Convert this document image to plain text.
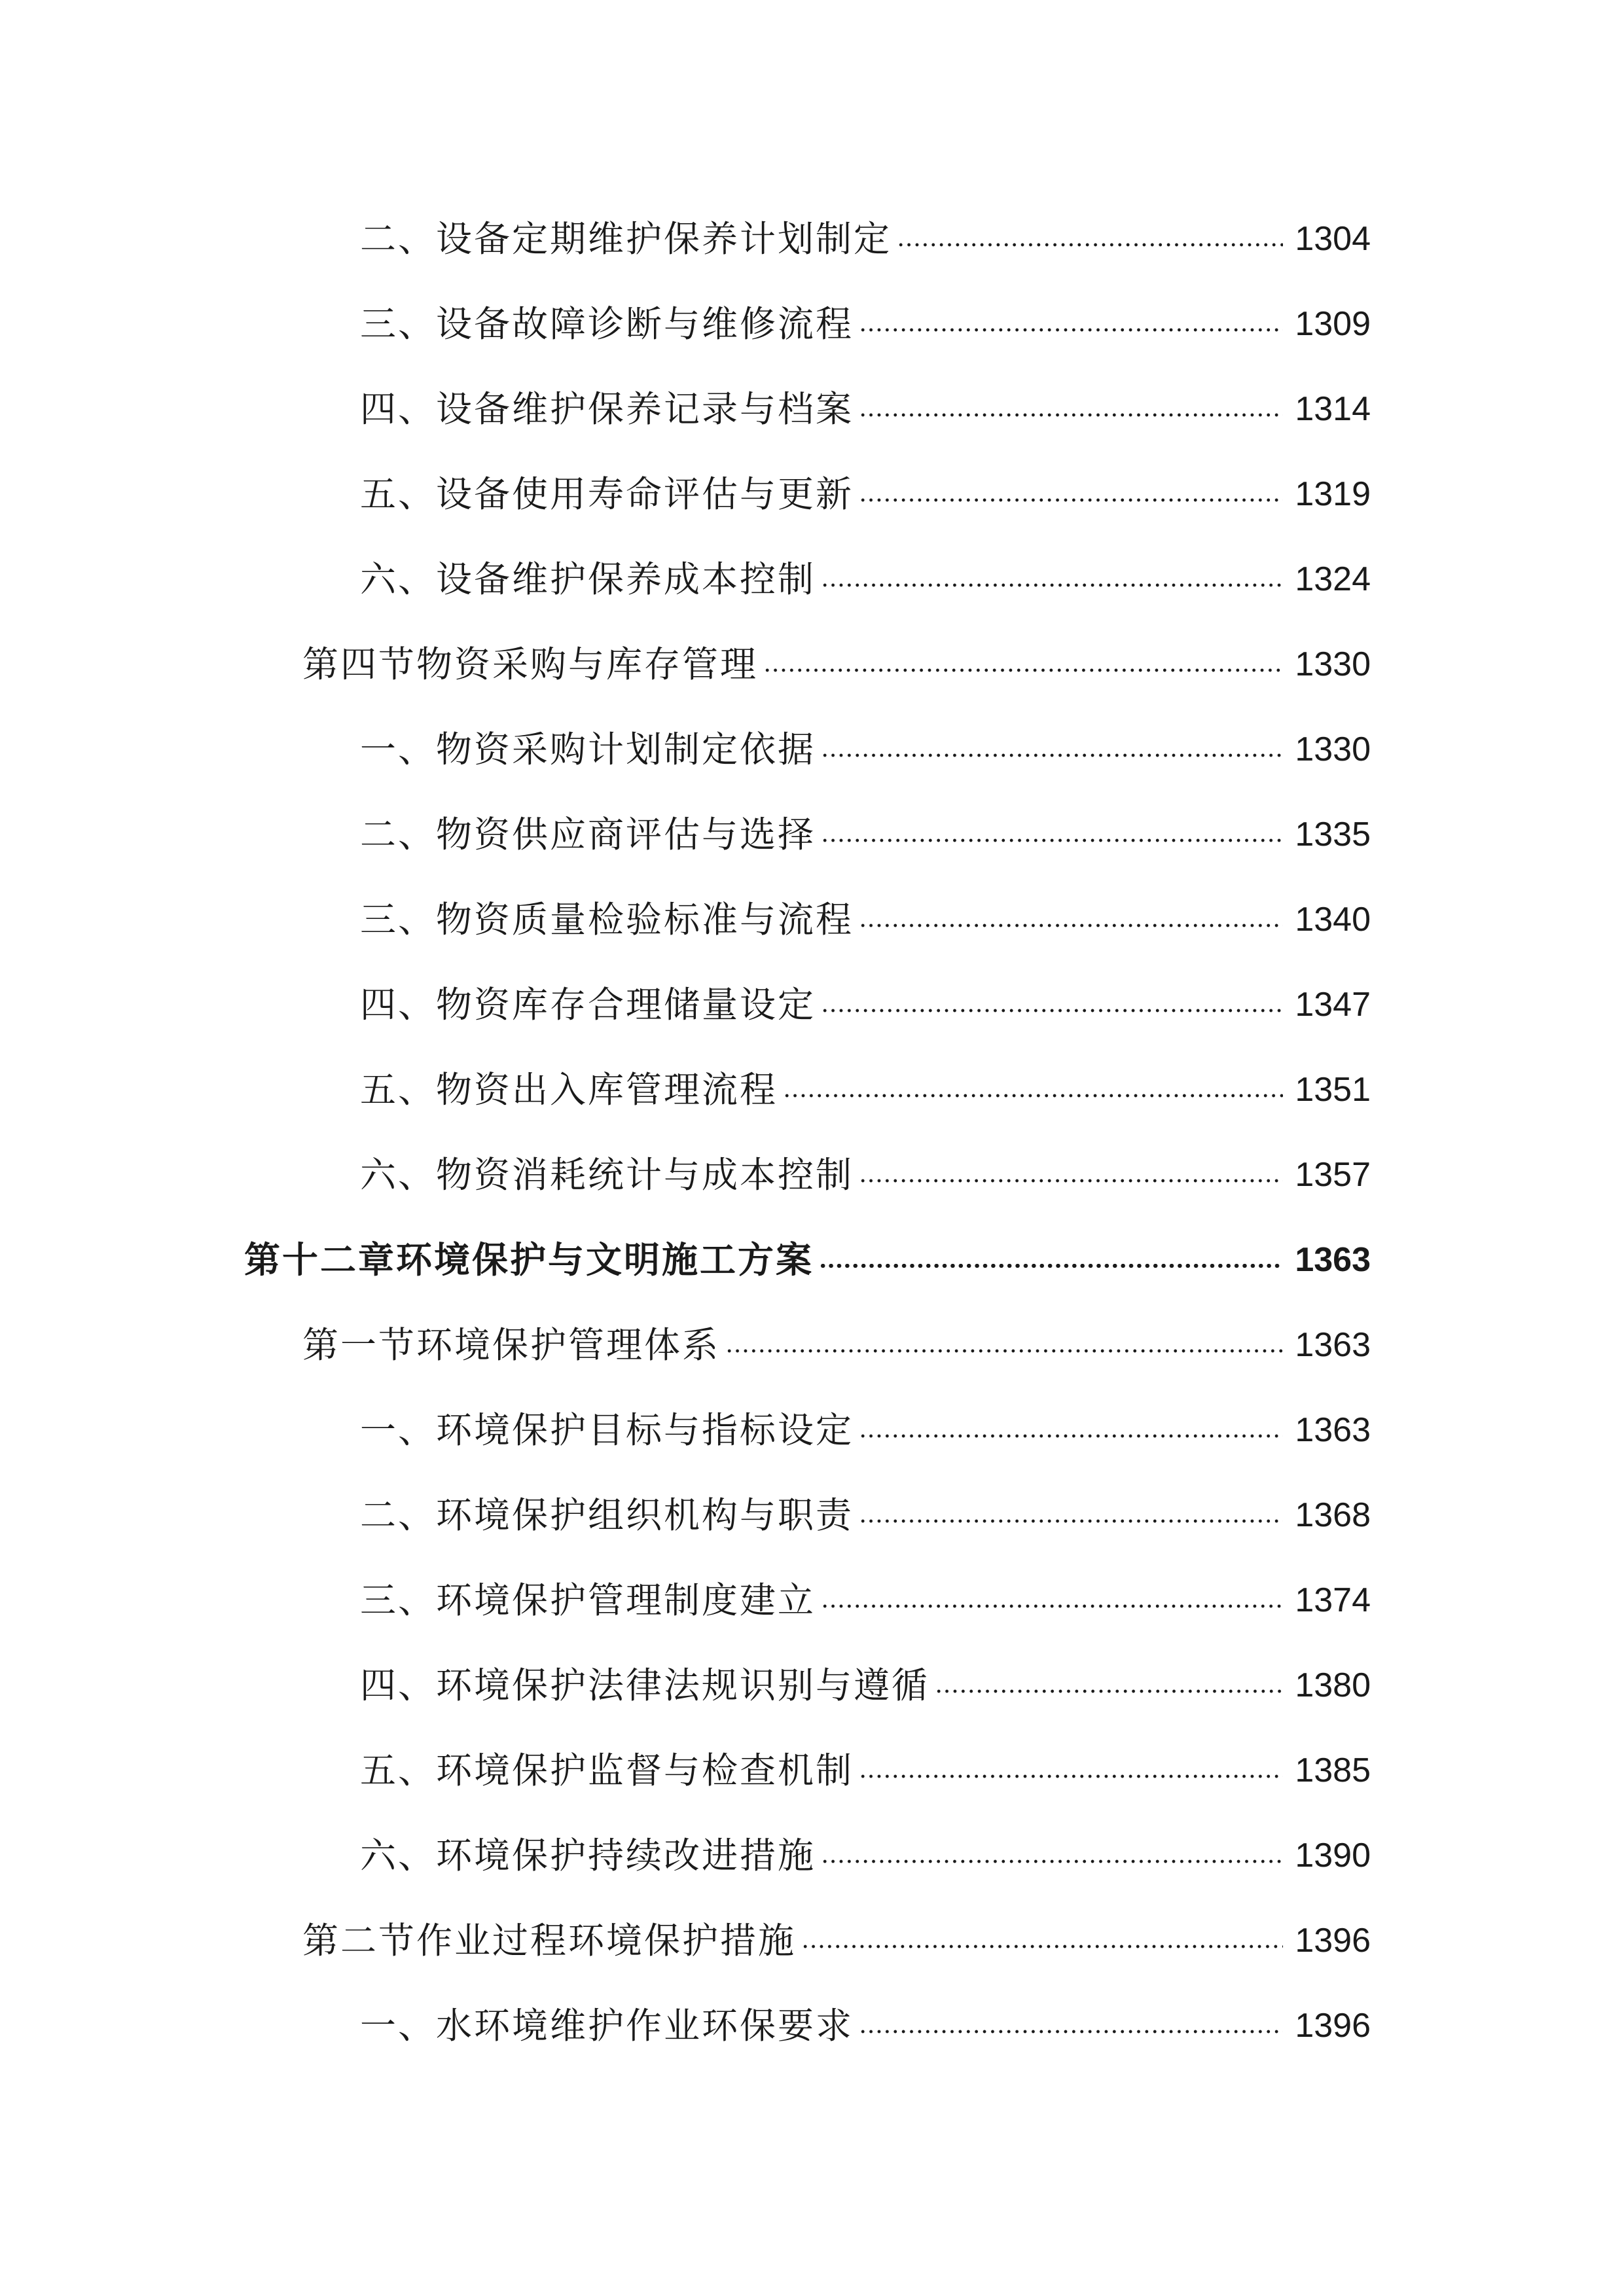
二、设备定期维护保养计划制定	1304
三、设备故障诊断与维修流程	1309
四、设备维护保养记录与档案	1314
五、设备使用寿命评估与更新	1319
六、设备维护保养成本控制	1324
第四节物资采购与库存管理	1330
一、物资采购计划制定依据	1330
二、物资供应商评估与选择	1335
三、物资质量检验标准与流程	1340
四、物资库存合理储量设定	1347
五、物资出入库管理流程	1351
六、物资消耗统计与成本控制	1357
第十二章环境保护与文明施工方案	1363
第一节环境保护管理体系	1363
一、环境保护目标与指标设定	1363
二、环境保护组织机构与职责	1368
三、环境保护管理制度建立	1374
四、环境保护法律法规识别与遵循	1380
五、环境保护监督与检查机制	1385
六、环境保护持续改进措施	1390
第二节作业过程环境保护措施	1396
一、水环境维护作业环保要求	1396
